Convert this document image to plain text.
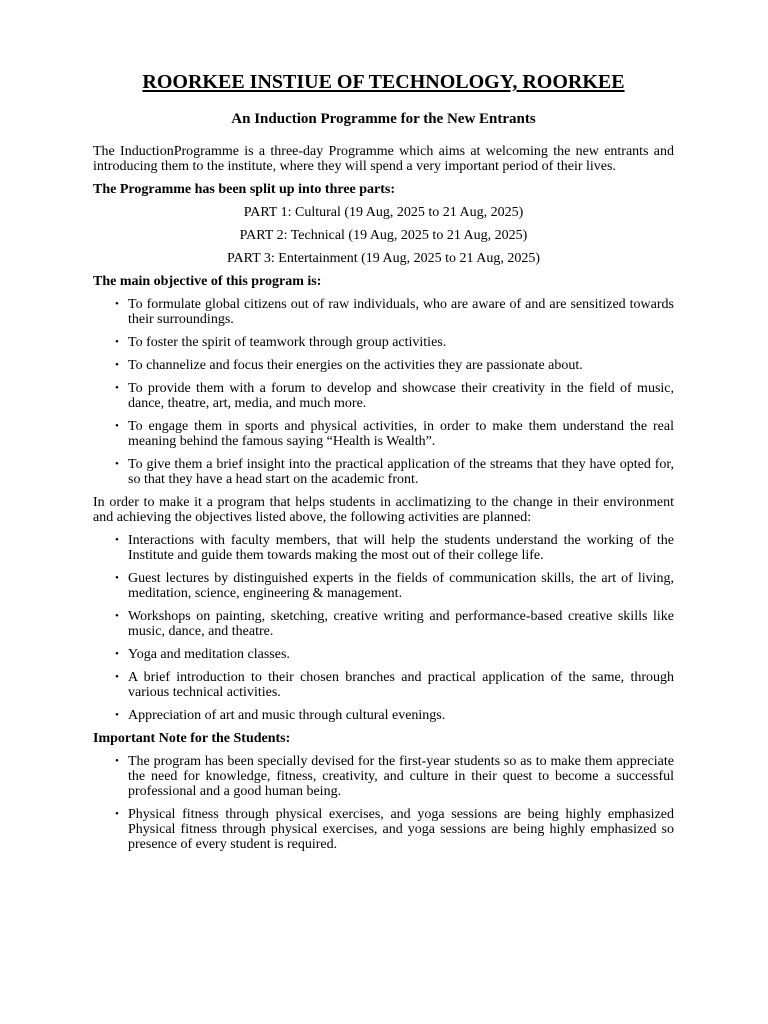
ROORKEE INSTIUE OF TECHNOLOGY, ROORKEE
An Induction Programme for the New Entrants

The InductionProgramme is a three-day Programme which aims at welcoming the new entrants and introducing them to the institute, where they will spend a very important period of their lives.

The Programme has been split up into three parts:

PART 1: Cultural (19 Aug, 2025 to 21 Aug, 2025)

PART 2: Technical (19 Aug, 2025 to 21 Aug, 2025)

PART 3: Entertainment (19 Aug, 2025 to 21 Aug, 2025)

The main objective of this program is:

• To formulate global citizens out of raw individuals, who are aware of and are sensitized towards their surroundings.
• To foster the spirit of teamwork through group activities.
• To channelize and focus their energies on the activities they are passionate about.
• To provide them with a forum to develop and showcase their creativity in the field of music, dance, theatre, art, media, and much more.
• To engage them in sports and physical activities, in order to make them understand the real meaning behind the famous saying “Health is Wealth”.
• To give them a brief insight into the practical application of the streams that they have opted for, so that they have a head start on the academic front.

In order to make it a program that helps students in acclimatizing to the change in their environment and achieving the objectives listed above, the following activities are planned:

• Interactions with faculty members, that will help the students understand the working of the Institute and guide them towards making the most out of their college life.
• Guest lectures by distinguished experts in the fields of communication skills, the art of living, meditation, science, engineering & management.
• Workshops on painting, sketching, creative writing and performance-based creative skills like music, dance, and theatre.
• Yoga and meditation classes.
• A brief introduction to their chosen branches and practical application of the same, through various technical activities.
• Appreciation of art and music through cultural evenings.

Important Note for the Students:

• The program has been specially devised for the first-year students so as to make them appreciate the need for knowledge, fitness, creativity, and culture in their quest to become a successful professional and a good human being.
• Physical fitness through physical exercises, and yoga sessions are being highly emphasized Physical fitness through physical exercises, and yoga sessions are being highly emphasized so presence of every student is required.
